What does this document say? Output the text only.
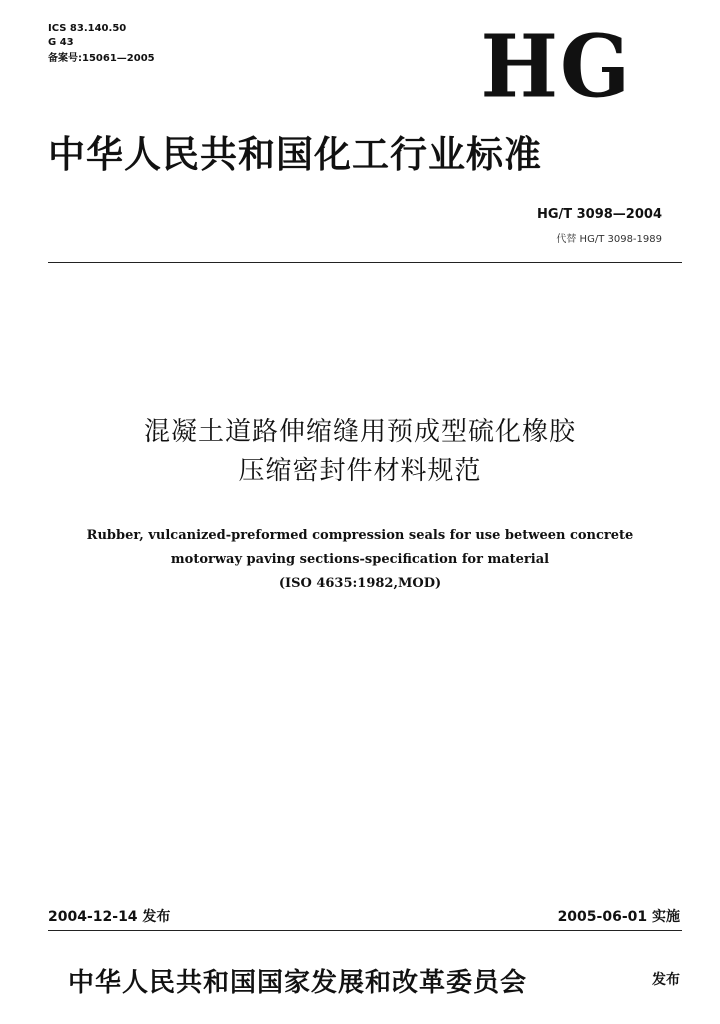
ICS 83.140.50
G 43
备案号:15061—2005	HG
中华人民共和国化工行业标准
HG/T 3098—2004
代替 HG/T 3098-1989
混凝土道路伸缩缝用预成型硫化橡胶
压缩密封件材料规范
Rubber, vulcanized-preformed compression seals for use between concrete
motorway paving sections-specification for material
(ISO 4635:1982,MOD)
2004-12-14 发布	2005-06-01 实施
中华人民共和国国家发展和改革委员会	发布
